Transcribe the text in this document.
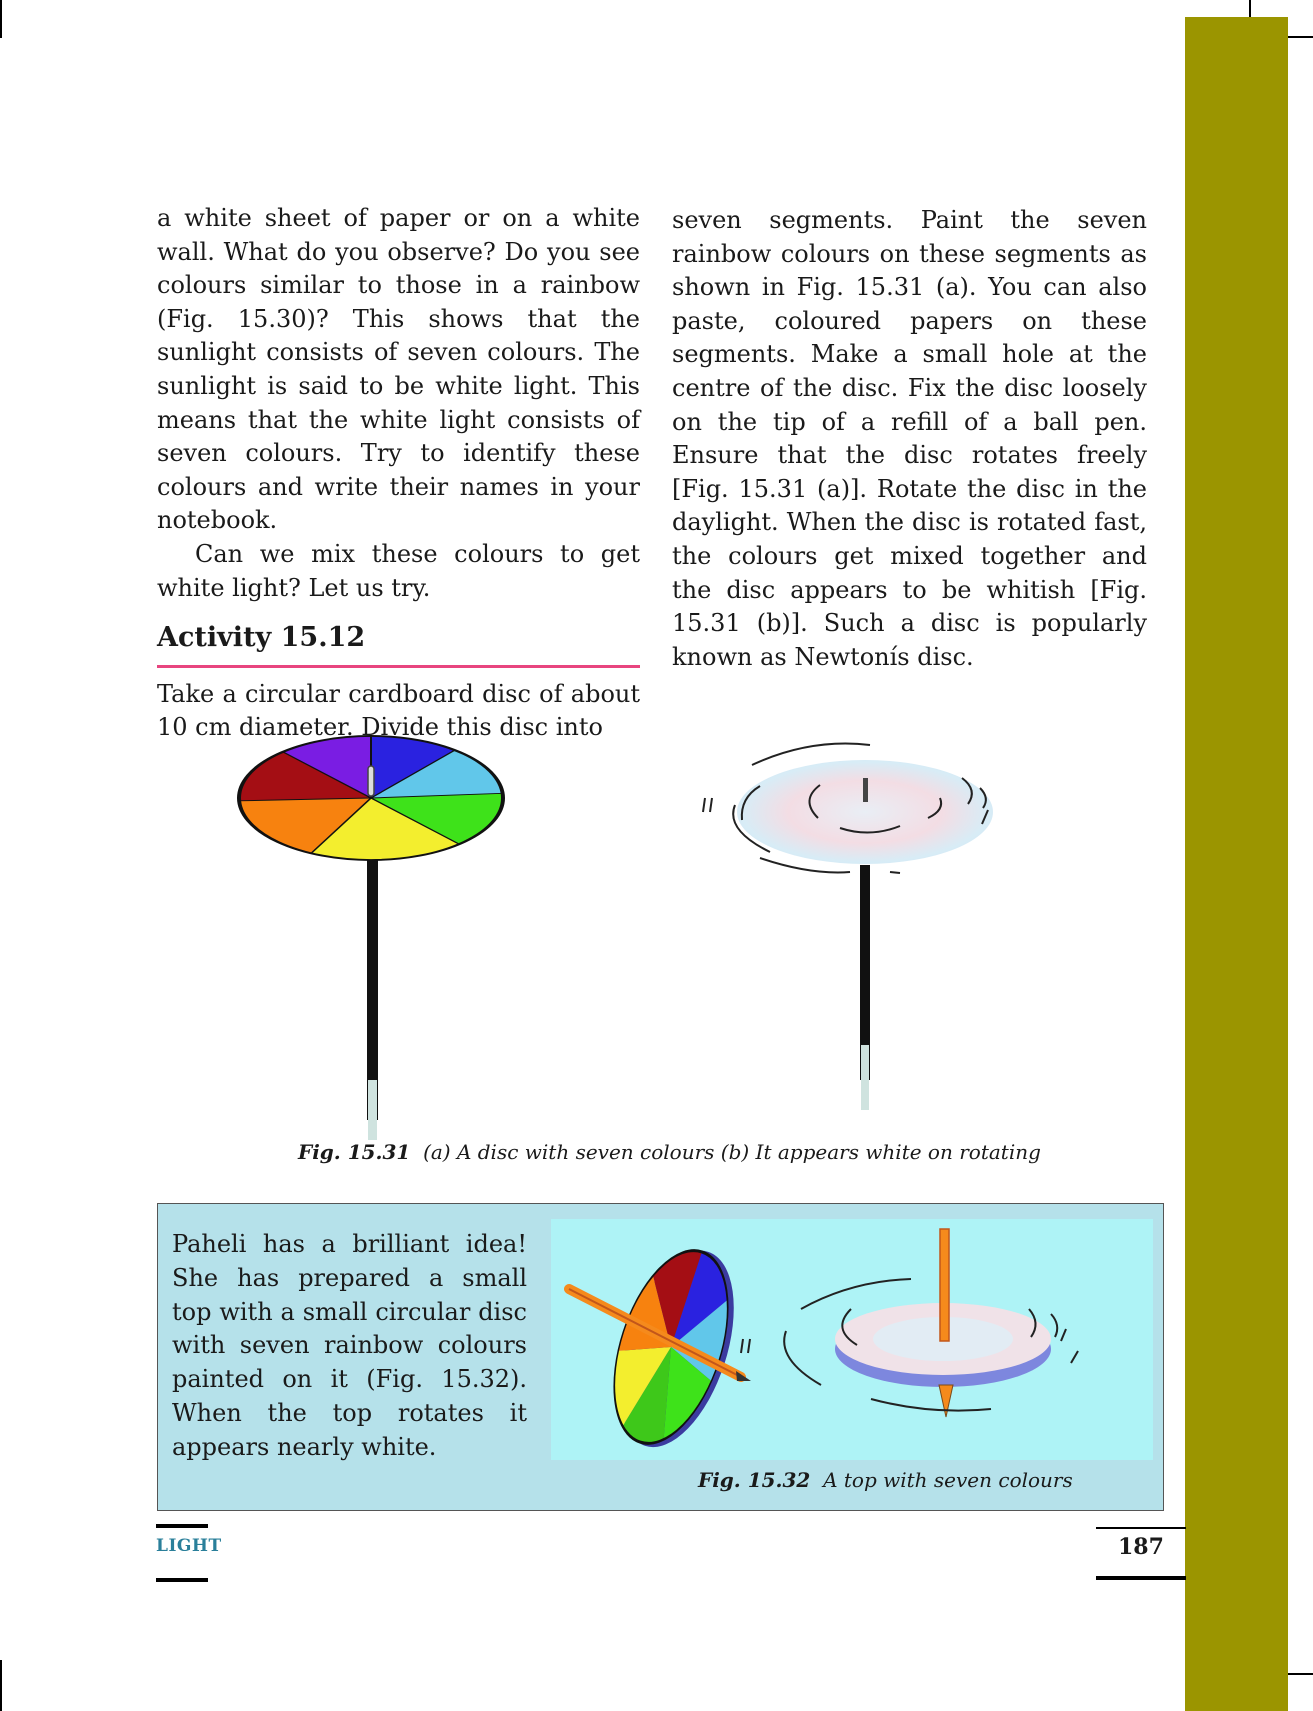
a white sheet of paper or on a white wall. What do you observe? Do you see colours similar to those in a rainbow (Fig. 15.30)? This shows that the sunlight consists of seven colours. The sunlight is said to be white light. This means that the white light consists of seven colours. Try to identify these colours and write their names in your notebook.

Can we mix these colours to get white light? Let us try.

Activity 15.12

Take a circular cardboard disc of about 10 cm diameter. Divide this disc into

seven segments. Paint the seven rainbow colours on these segments as shown in Fig. 15.31 (a). You can also paste, coloured papers on these segments. Make a small hole at the centre of the disc. Fix the disc loosely on the tip of a refill of a ball pen. Ensure that the disc rotates freely [Fig. 15.31 (a)]. Rotate the disc in the daylight. When the disc is rotated fast, the colours get mixed together and the disc appears to be whitish [Fig. 15.31 (b)]. Such a disc is popularly known as Newtonís disc.

Fig. 15.31 (a) A disc with seven colours (b) It appears white on rotating

Paheli has a brilliant idea! She has prepared a small top with a small circular disc with seven rainbow colours painted on it (Fig. 15.32). When the top rotates it appears nearly white.

Fig. 15.32 A top with seven colours
LIGHT	187
